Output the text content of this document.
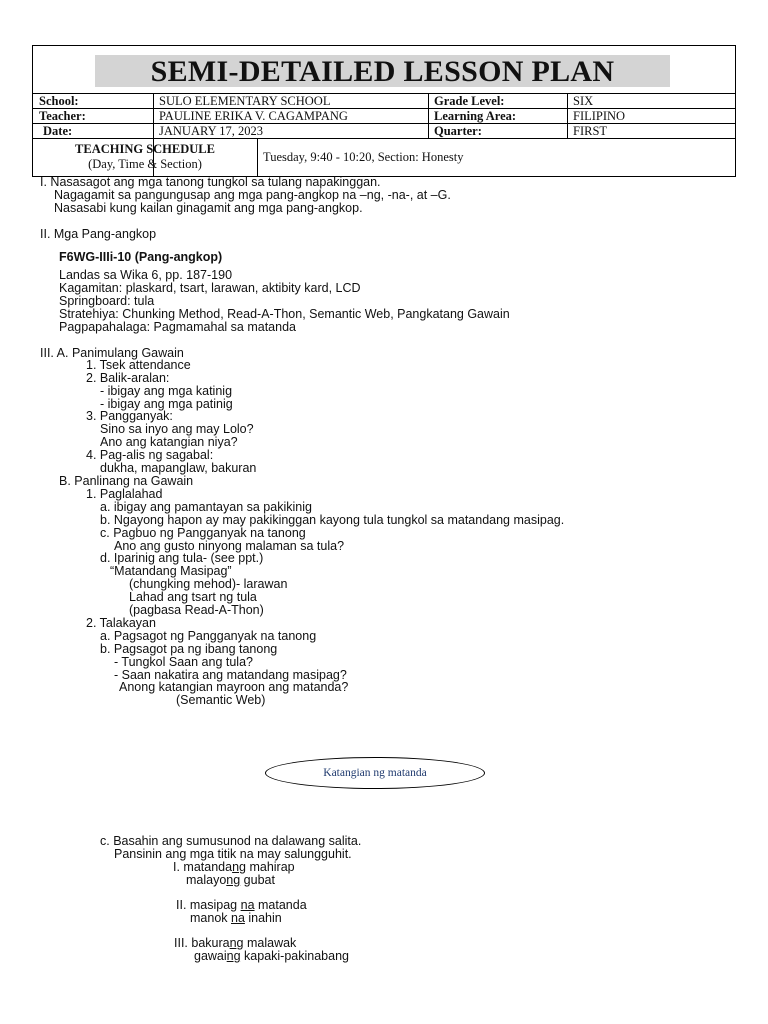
SEMI-DETAILED LESSON PLAN
School:	SULO ELEMENTARY SCHOOL	Grade Level:	SIX
Teacher:	PAULINE ERIKA V. CAGAMPANG	Learning Area:	FILIPINO
Date:	JANUARY 17, 2023	Quarter:	FIRST
TEACHING SCHEDULE
(Day, Time & Section)	Tuesday, 9:40 - 10:20, Section: Honesty
I. Nasasagot ang mga tanong tungkol sa tulang napakinggan.
Nagagamit sa pangungusap ang mga pang-angkop na –ng, -na-, at –G.
Nasasabi kung kailan ginagamit ang mga pang-angkop.
II. Mga Pang-angkop
F6WG-IIIi-10 (Pang-angkop)
Landas sa Wika 6, pp. 187-190
Kagamitan: plaskard, tsart, larawan, aktibity kard, LCD
Springboard: tula
Stratehiya: Chunking Method, Read-A-Thon, Semantic Web, Pangkatang Gawain
Pagpapahalaga: Pagmamahal sa matanda
III. A. Panimulang Gawain
1. Tsek attendance
2. Balik-aralan:
- ibigay ang mga katinig
- ibigay ang mga patinig
3. Pangganyak:
Sino sa inyo ang may Lolo?
Ano ang katangian niya?
4. Pag-alis ng sagabal:
dukha, mapanglaw, bakuran
B. Panlinang na Gawain
1. Paglalahad
a. ibigay ang pamantayan sa pakikinig
b. Ngayong hapon ay may pakikinggan kayong tula tungkol sa matandang masipag.
c. Pagbuo ng Pangganyak na tanong
Ano ang gusto ninyong malaman sa tula?
d. Iparinig ang tula- (see ppt.)
“Matandang Masipag”
(chungking mehod)- larawan
Lahad ang tsart ng tula
(pagbasa Read-A-Thon)
2. Talakayan
a. Pagsagot ng Pangganyak na tanong
b. Pagsagot pa ng ibang tanong
- Tungkol Saan ang tula?
- Saan nakatira ang matandang masipag?
Anong katangian mayroon ang matanda?
(Semantic Web)
Katangian ng matanda
c. Basahin ang sumusunod na dalawang salita.
Pansinin ang mga titik na may salungguhit.
I. matandang mahirap
malayong gubat
II. masipag na matanda
manok na inahin
III. bakurang malawak
gawaing kapaki-pakinabang
